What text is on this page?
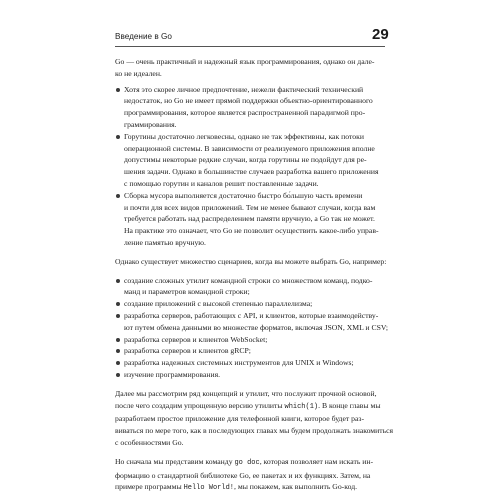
Введение в Go	29

Go — очень практичный и надежный язык программирования, однако он дале-
ко не идеален.

Хотя это скорее личное предпочтение, нежели фактический технический
недостаток, но Go не имеет прямой поддержки объектно-ориентированного
программирования, которое является распространенной парадигмой про-
граммирования.
Горутины достаточно легковесны, однако не так эффективны, как потоки
операционной системы. В зависимости от реализуемого приложения вполне
допустимы некоторые редкие случаи, когда горутины не подойдут для ре-
шения задачи. Однако в большинстве случаев разработка вашего приложения
с помощью горутин и каналов решит поставленные задачи.
Сборка мусора выполняется достаточно быстро бо́льшую часть времени
и почти для всех видов приложений. Тем не менее бывают случаи, когда вам
требуется работать над распределением памяти вручную, а Go так не может.
На практике это означает, что Go не позволит осуществить какое-либо управ-
ление памятью вручную.

Однако существует множество сценариев, когда вы можете выбрать Go, например:

создание сложных утилит командной строки со множеством команд, подко-
манд и параметров командной строки;
создание приложений с высокой степенью параллелизма;
разработка серверов, работающих с API, и клиентов, которые взаимодейству-
ют путем обмена данными во множестве форматов, включая JSON, XML и CSV;
разработка серверов и клиентов WebSocket;
разработка серверов и клиентов gRCP;
разработка надежных системных инструментов для UNIX и Windows;
изучение программирования.

Далее мы рассмотрим ряд концепций и утилит, что послужит прочной основой,
после чего создадим упрощенную версию утилиты which(1). В конце главы мы
разработаем простое приложение для телефонной книги, которое будет раз-
виваться по мере того, как в последующих главах мы будем продолжать знакомиться
с особенностями Go.

Но сначала мы представим команду go doc, которая позволяет нам искать ин-
формацию о стандартной библиотеке Go, ее пакетах и их функциях. Затем, на
примере программы Hello World!, мы покажем, как выполнить Go-код.
